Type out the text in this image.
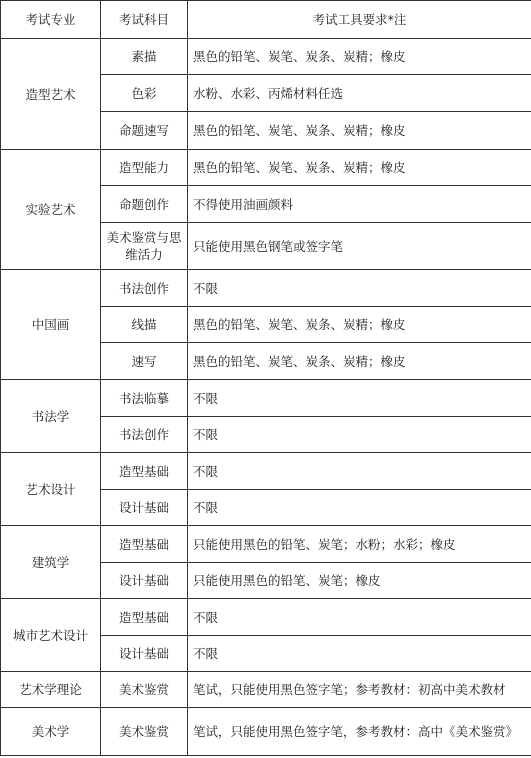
考试专业	考试科目	考试工具要求*注
造型艺术	素描	黑色的铅笔、炭笔、炭条、炭精；橡皮
	色彩	水粉、水彩、丙烯材料任选
	命题速写	黑色的铅笔、炭笔、炭条、炭精；橡皮
实验艺术	造型能力	黑色的铅笔、炭笔、炭条、炭精；橡皮
	命题创作	不得使用油画颜料
	美术鉴赏与思维活力	只能使用黑色钢笔或签字笔
中国画	书法创作	不限
	线描	黑色的铅笔、炭笔、炭条、炭精；橡皮
	速写	黑色的铅笔、炭笔、炭条、炭精；橡皮
书法学	书法临摹	不限
	书法创作	不限
艺术设计	造型基础	不限
	设计基础	不限
建筑学	造型基础	只能使用黑色的铅笔、炭笔；水粉；水彩；橡皮
	设计基础	只能使用黑色的铅笔、炭笔；橡皮
城市艺术设计	造型基础	不限
	设计基础	不限
艺术学理论	美术鉴赏	笔试，只能使用黑色签字笔；参考教材：初高中美术教材
美术学	美术鉴赏	笔试，只能使用黑色签字笔，参考教材：高中《美术鉴赏》
